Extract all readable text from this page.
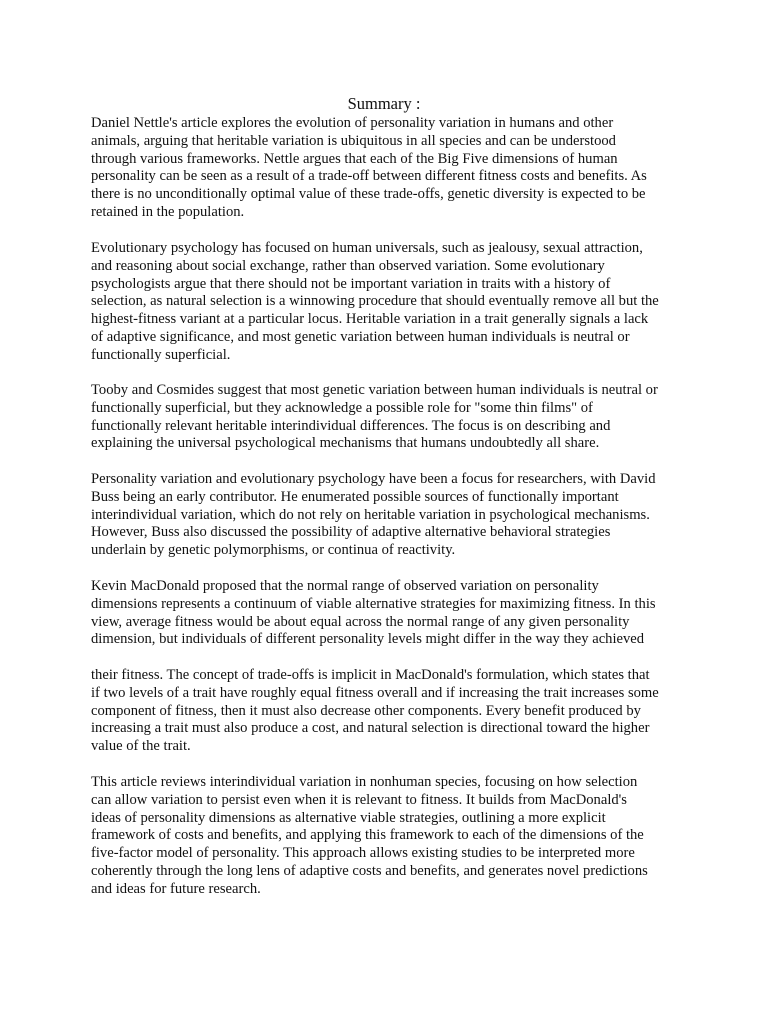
Summary :

Daniel Nettle's article explores the evolution of personality variation in humans and other
animals, arguing that heritable variation is ubiquitous in all species and can be understood
through various frameworks. Nettle argues that each of the Big Five dimensions of human
personality can be seen as a result of a trade-off between different fitness costs and benefits. As
there is no unconditionally optimal value of these trade-offs, genetic diversity is expected to be
retained in the population.

Evolutionary psychology has focused on human universals, such as jealousy, sexual attraction,
and reasoning about social exchange, rather than observed variation. Some evolutionary
psychologists argue that there should not be important variation in traits with a history of
selection, as natural selection is a winnowing procedure that should eventually remove all but the
highest-fitness variant at a particular locus. Heritable variation in a trait generally signals a lack
of adaptive significance, and most genetic variation between human individuals is neutral or
functionally superficial.

Tooby and Cosmides suggest that most genetic variation between human individuals is neutral or
functionally superficial, but they acknowledge a possible role for "some thin films" of
functionally relevant heritable interindividual differences. The focus is on describing and
explaining the universal psychological mechanisms that humans undoubtedly all share.

Personality variation and evolutionary psychology have been a focus for researchers, with David
Buss being an early contributor. He enumerated possible sources of functionally important
interindividual variation, which do not rely on heritable variation in psychological mechanisms.
However, Buss also discussed the possibility of adaptive alternative behavioral strategies
underlain by genetic polymorphisms, or continua of reactivity.

Kevin MacDonald proposed that the normal range of observed variation on personality
dimensions represents a continuum of viable alternative strategies for maximizing fitness. In this
view, average fitness would be about equal across the normal range of any given personality
dimension, but individuals of different personality levels might differ in the way they achieved

their fitness. The concept of trade-offs is implicit in MacDonald's formulation, which states that
if two levels of a trait have roughly equal fitness overall and if increasing the trait increases some
component of fitness, then it must also decrease other components. Every benefit produced by
increasing a trait must also produce a cost, and natural selection is directional toward the higher
value of the trait.

This article reviews interindividual variation in nonhuman species, focusing on how selection
can allow variation to persist even when it is relevant to fitness. It builds from MacDonald's
ideas of personality dimensions as alternative viable strategies, outlining a more explicit
framework of costs and benefits, and applying this framework to each of the dimensions of the
five-factor model of personality. This approach allows existing studies to be interpreted more
coherently through the long lens of adaptive costs and benefits, and generates novel predictions
and ideas for future research.
